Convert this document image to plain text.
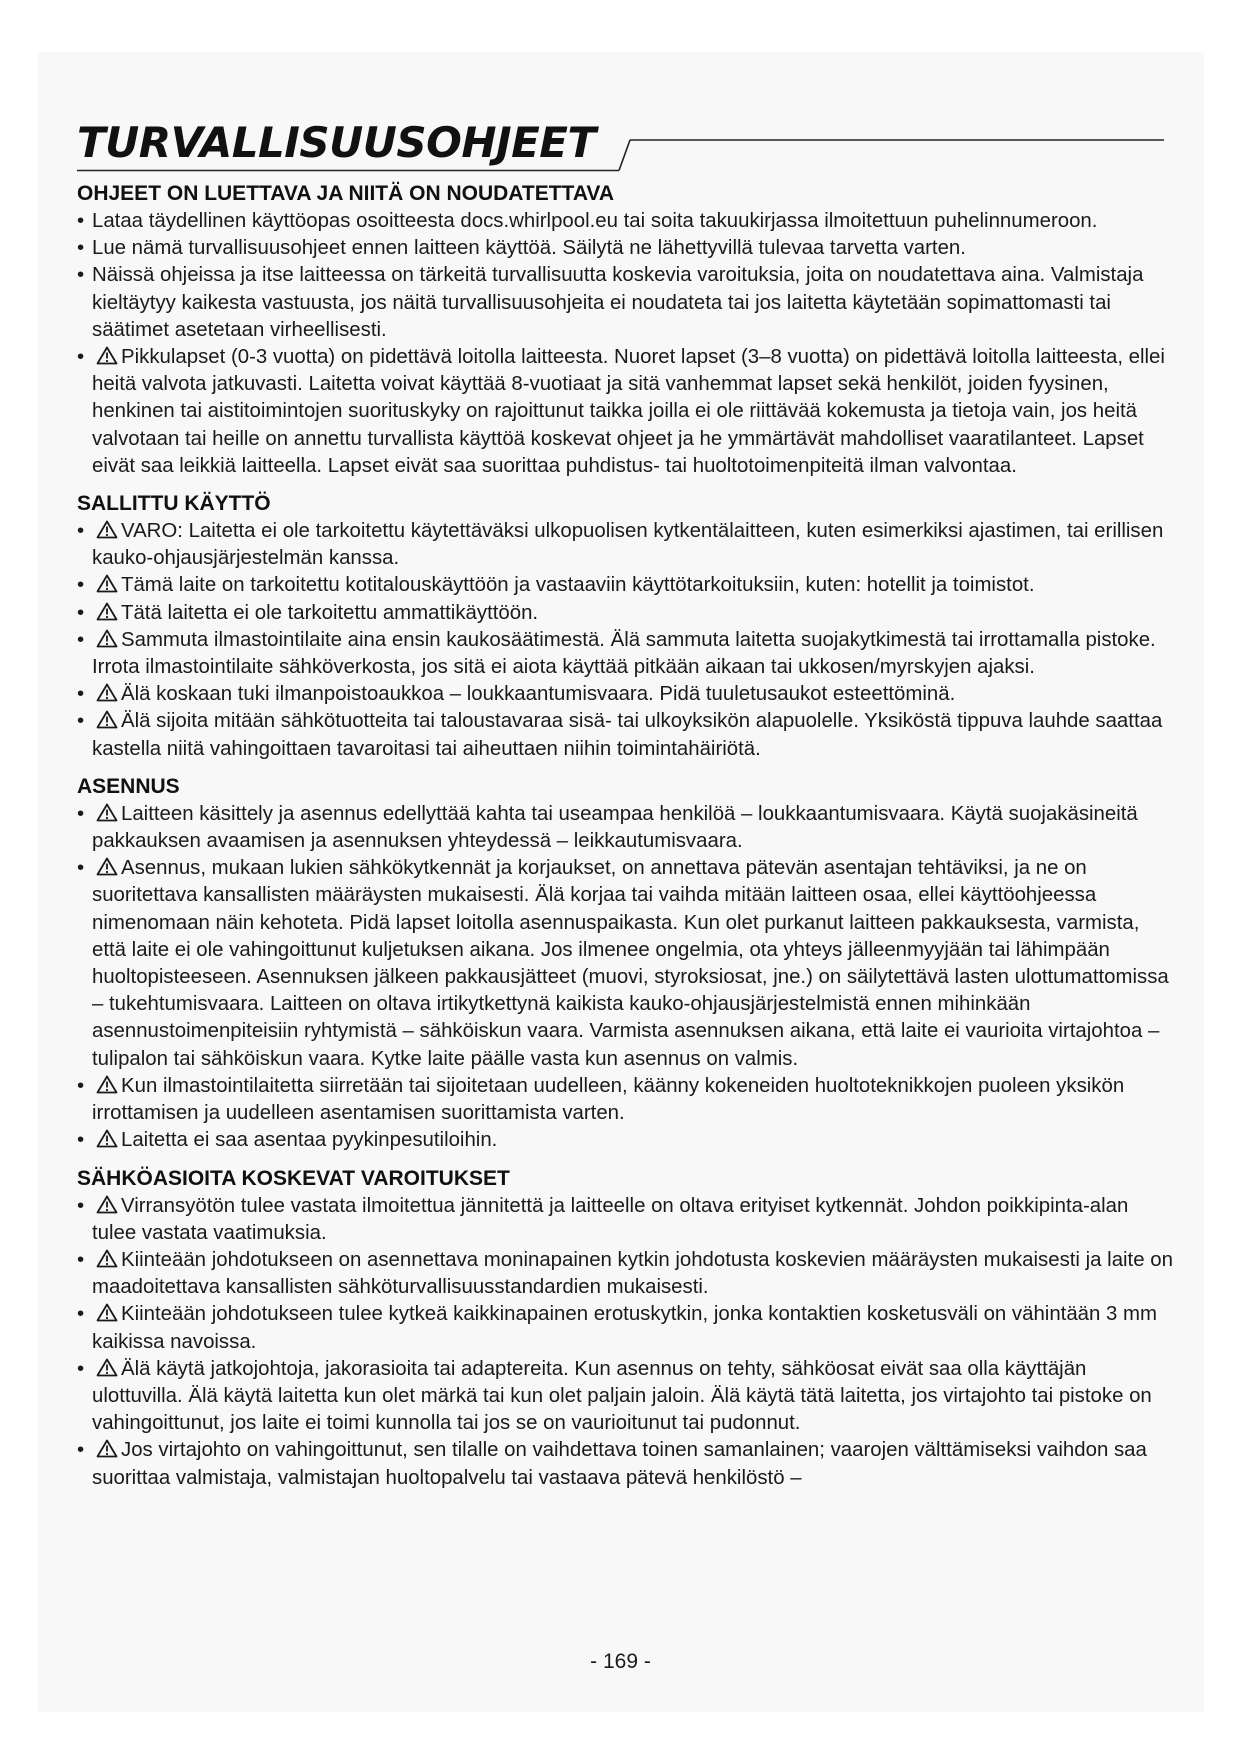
TURVALLISUUSOHJEET
OHJEET ON LUETTAVA JA NIITÄ ON NOUDATETTAVA
• Lataa täydellinen käyttöopas osoitteesta docs.whirlpool.eu tai soita takuukirjassa ilmoitettuun puhelinnumeroon.
• Lue nämä turvallisuusohjeet ennen laitteen käyttöä. Säilytä ne lähettyvillä tulevaa tarvetta varten.
• Näissä ohjeissa ja itse laitteessa on tärkeitä turvallisuutta koskevia varoituksia, joita on noudatettava aina. Valmistaja kieltäytyy kaikesta vastuusta, jos näitä turvallisuusohjeita ei noudateta tai jos laitetta käytetään sopimattomasti tai säätimet asetetaan virheellisesti.
• Pikkulapset (0-3 vuotta) on pidettävä loitolla laitteesta. Nuoret lapset (3–8 vuotta) on pidettävä loitolla laitteesta, ellei heitä valvota jatkuvasti. Laitetta voivat käyttää 8-vuotiaat ja sitä vanhemmat lapset sekä henkilöt, joiden fyysinen, henkinen tai aistitoimintojen suorituskyky on rajoittunut taikka joilla ei ole riittävää kokemusta ja tietoja vain, jos heitä valvotaan tai heille on annettu turvallista käyttöä koskevat ohjeet ja he ymmärtävät mahdolliset vaaratilanteet. Lapset eivät saa leikkiä laitteella. Lapset eivät saa suorittaa puhdistus- tai huoltotoimenpiteitä ilman valvontaa.
SALLITTU KÄYTTÖ
• VARO: Laitetta ei ole tarkoitettu käytettäväksi ulkopuolisen kytkentälaitteen, kuten esimerkiksi ajastimen, tai erillisen kauko-ohjausjärjestelmän kanssa.
• Tämä laite on tarkoitettu kotitalouskäyttöön ja vastaaviin käyttötarkoituksiin, kuten: hotellit ja toimistot.
• Tätä laitetta ei ole tarkoitettu ammattikäyttöön.
• Sammuta ilmastointilaite aina ensin kaukosäätimestä. Älä sammuta laitetta suojakytkimestä tai irrottamalla pistoke. Irrota ilmastointilaite sähköverkosta, jos sitä ei aiota käyttää pitkään aikaan tai ukkosen/myrskyjen ajaksi.
• Älä koskaan tuki ilmanpoistoaukkoa – loukkaantumisvaara. Pidä tuuletusaukot esteettöminä.
• Älä sijoita mitään sähkötuotteita tai taloustavaraa sisä- tai ulkoyksikön alapuolelle. Yksiköstä tippuva lauhde saattaa kastella niitä vahingoittaen tavaroitasi tai aiheuttaen niihin toimintahäiriötä.
ASENNUS
• Laitteen käsittely ja asennus edellyttää kahta tai useampaa henkilöä – loukkaantumisvaara. Käytä suojakäsineitä pakkauksen avaamisen ja asennuksen yhteydessä – leikkautumisvaara.
• Asennus, mukaan lukien sähkökytkennät ja korjaukset, on annettava pätevän asentajan tehtäviksi, ja ne on suoritettava kansallisten määräysten mukaisesti. Älä korjaa tai vaihda mitään laitteen osaa, ellei käyttöohjeessa nimenomaan näin kehoteta. Pidä lapset loitolla asennuspaikasta. Kun olet purkanut laitteen pakkauksesta, varmista, että laite ei ole vahingoittunut kuljetuksen aikana. Jos ilmenee ongelmia, ota yhteys jälleenmyyjään tai lähimpään huoltopisteeseen. Asennuksen jälkeen pakkausjätteet (muovi, styroksiosat, jne.) on säilytettävä lasten ulottumattomissa – tukehtumisvaara. Laitteen on oltava irtikytkettynä kaikista kauko-ohjausjärjestelmistä ennen mihinkään asennustoimenpiteisiin ryhtymistä – sähköiskun vaara. Varmista asennuksen aikana, että laite ei vaurioita virtajohtoa – tulipalon tai sähköiskun vaara. Kytke laite päälle vasta kun asennus on valmis.
• Kun ilmastointilaitetta siirretään tai sijoitetaan uudelleen, käänny kokeneiden huoltoteknikkojen puoleen yksikön irrottamisen ja uudelleen asentamisen suorittamista varten.
• Laitetta ei saa asentaa pyykinpesutiloihin.
SÄHKÖASIOITA KOSKEVAT VAROITUKSET
• Virransyötön tulee vastata ilmoitettua jännitettä ja laitteelle on oltava erityiset kytkennät. Johdon poikkipinta-alan tulee vastata vaatimuksia.
• Kiinteään johdotukseen on asennettava moninapainen kytkin johdotusta koskevien määräysten mukaisesti ja laite on maadoitettava kansallisten sähköturvallisuusstandardien mukaisesti.
• Kiinteään johdotukseen tulee kytkeä kaikkinapainen erotuskytkin, jonka kontaktien kosketusväli on vähintään 3 mm kaikissa navoissa.
• Älä käytä jatkojohtoja, jakorasioita tai adaptereita. Kun asennus on tehty, sähköosat eivät saa olla käyttäjän ulottuvilla. Älä käytä laitetta kun olet märkä tai kun olet paljain jaloin. Älä käytä tätä laitetta, jos virtajohto tai pistoke on vahingoittunut, jos laite ei toimi kunnolla tai jos se on vaurioitunut tai pudonnut.
• Jos virtajohto on vahingoittunut, sen tilalle on vaihdettava toinen samanlainen; vaarojen välttämiseksi vaihdon saa suorittaa valmistaja, valmistajan huoltopalvelu tai vastaava pätevä henkilöstö –
- 169 -
